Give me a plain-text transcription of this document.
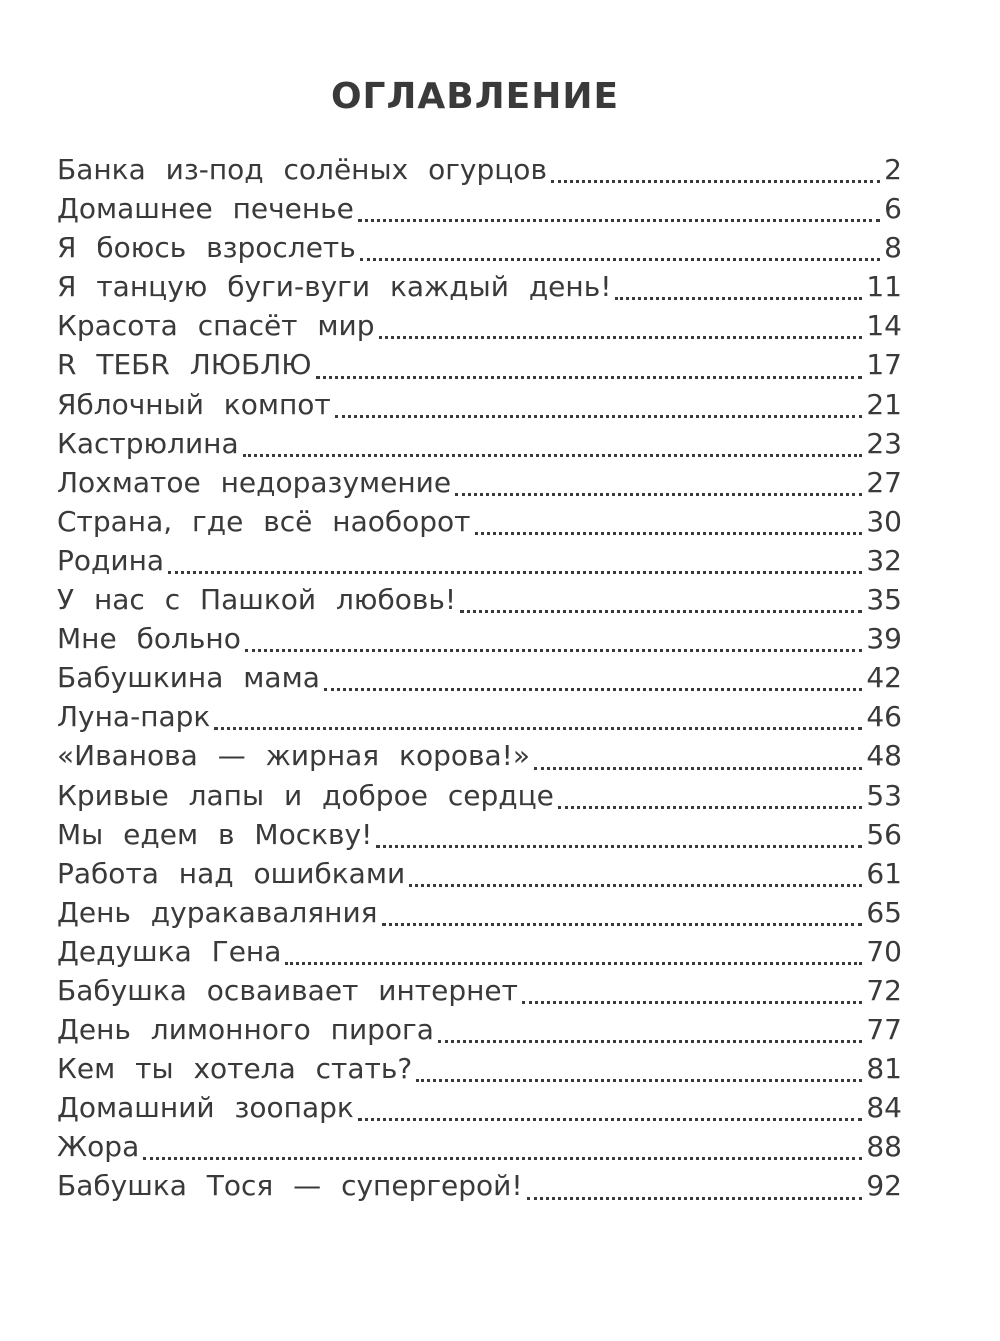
ОГЛАВЛЕНИЕ
Банка из-под солёных огурцов	2
Домашнее печенье	6
Я боюсь взрослеть	8
Я танцую буги-вуги каждый день!	11
Красота спасёт мир	14
R ТЕБR ЛЮБЛЮ	17
Яблочный компот	21
Кастрюлина	23
Лохматое недоразумение	27
Страна, где всё наоборот	30
Родина	32
У нас с Пашкой любовь!	35
Мне больно	39
Бабушкина мама	42
Луна-парк	46
«Иванова — жирная корова!»	48
Кривые лапы и доброе сердце	53
Мы едем в Москву!	56
Работа над ошибками	61
День дуракаваляния	65
Дедушка Гена	70
Бабушка осваивает интернет	72
День лимонного пирога	77
Кем ты хотела стать?	81
Домашний зоопарк	84
Жора	88
Бабушка Тося — супергерой!	92
